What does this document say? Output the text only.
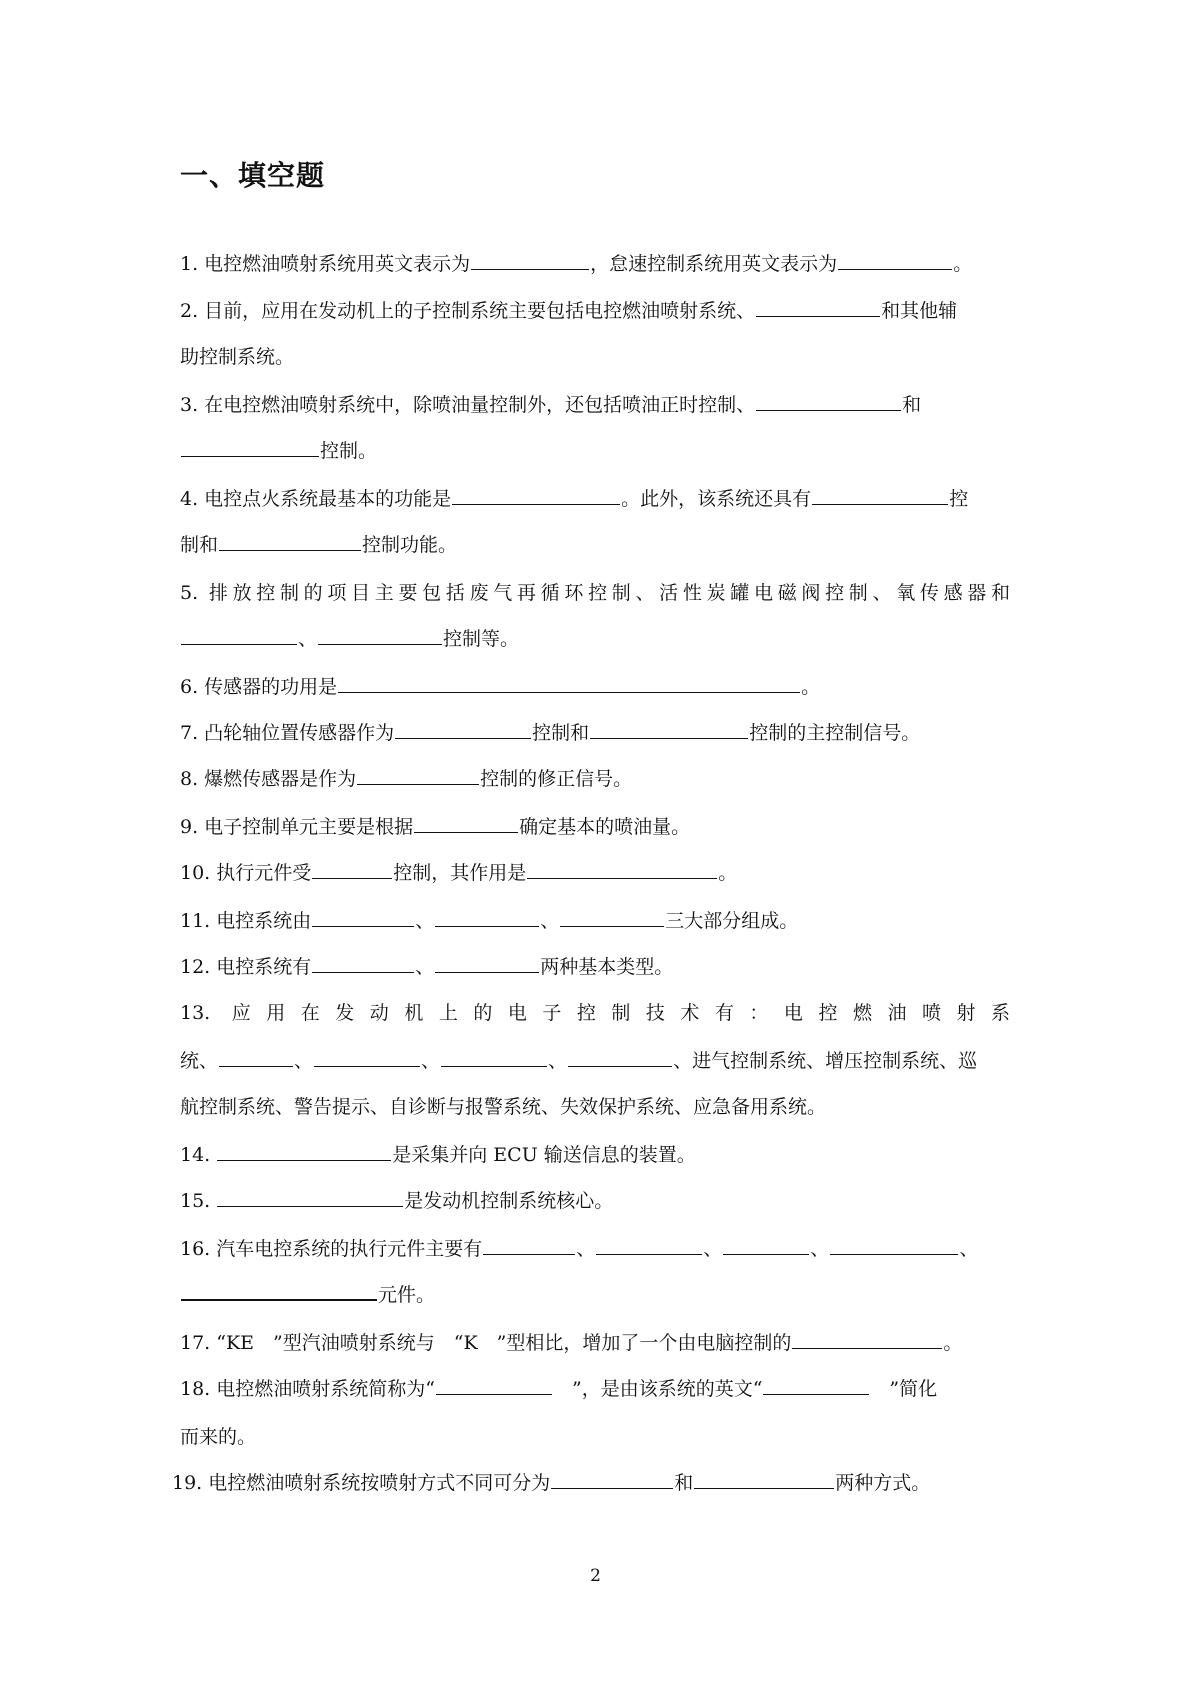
一、填空题
1. 电控燃油喷射系统用英文表示为	，怠速控制系统用英文表示为	。
2. 目前，应用在发动机上的子控制系统主要包括电控燃油喷射系统、	和其他辅
助控制系统。
3. 在电控燃油喷射系统中，除喷油量控制外，还包括喷油正时控制、	和
控制。
4. 电控点火系统最基本的功能是	。此外，该系统还具有	控
制和	控制功能。
5. 排放控制的项目主要包括废气再循环控制、活性炭罐电磁阀控制、氧传感器和
、	控制等。
6. 传感器的功用是	。
7. 凸轮轴位置传感器作为	控制和	控制的主控制信号。
8. 爆燃传感器是作为	控制的修正信号。
9. 电子控制单元主要是根据	确定基本的喷油量。
10. 执行元件受	控制，其作用是	。
11. 电控系统由	、	、	三大部分组成。
12. 电控系统有	、	两种基本类型。
13. 应用在发动机上的电子控制技术有：电控燃油喷射系
统、	、	、	、	、进气控制系统、增压控制系统、巡
航控制系统、警告提示、自诊断与报警系统、失效保护系统、应急备用系统。
14.	是采集并向 ECU 输送信息的装置。
15.	是发动机控制系统核心。
16. 汽车电控系统的执行元件主要有	、	、	、	、
元件。
17. “KE　”型汽油喷射系统与　“K　”型相比，增加了一个由电脑控制的	。
18. 电控燃油喷射系统简称为“	　”，是由该系统的英文“	　”简化
而来的。
19. 电控燃油喷射系统按喷射方式不同可分为	和	两种方式。
2
